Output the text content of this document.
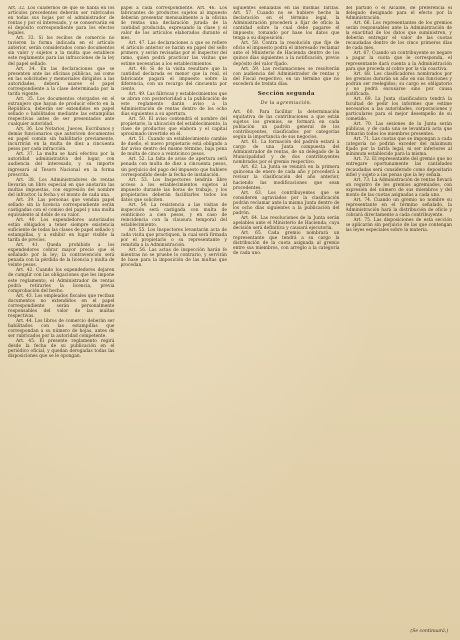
Art. 32. Los cuadernos de que se habla en los artículos precedentes deberán ser rubricados en todas sus hojas por el administrador de rentas y por el interesado, y se conservarán en el depósito correspondiente para los efectos legales.

Art. 33. Si los recibos de comercio no tuvieren la forma indicada en el artículo anterior, serán considerados como documentos sin valor y sujetos a la multa que establece este reglamento para las infracciones de la ley del papel sellado.

Art. 34. En las declaraciones que se presenten ante las oficinas públicas, así como en las solicitudes y memoriales dirigidos a las autoridades, deberá usarse el papel correspondiente a la clase determinada por la tarifa vigente.

Art. 35. Los documentos otorgados en el extranjero que hayan de producir efecto en la República, deberán ser extendidos en papel sellado o habilitados mediante las estampillas respectivas antes de ser presentados ante cualquier autoridad.

Art. 36. Los Notarios, Jueces, Escribanos y demás funcionarios que autoricen documentos en papel común sin habilitarlo previamente, incurrirán en la multa de diez a cincuenta pesos por cada infracción.

Art. 37. La multa se hará efectiva por la autoridad administrativa del lugar, con audiencia del interesado, y su importe ingresará al Tesoro Nacional en la forma prescrita.

Art. 38. Los Administradores de rentas llevarán un libro especial en que anotarán las multas impuestas, con expresión del nombre del infractor, la fecha y el monto de cada una.

Art. 39. Las personas que vendan papel sellado sin la licencia correspondiente serán castigadas con el comiso del papel y una multa equivalente al doble de su valor.

Art. 40. Los expendedores autorizados están obligados a tener siempre existencia suficiente de todas las clases de papel sellado y estampillas, y a exhibir en lugar visible la tarifa de precios.

Art. 41. Queda prohibido a los expendedores cobrar mayor precio que el señalado por la ley; la contravención será penada con la pérdida de la licencia y multa de veinte pesos.

Art. 42. Cuando los expendedores dejaren de cumplir con las obligaciones que les impone este reglamento, el Administrador de rentas podrá retirarles la licencia, previa comprobación del hecho.

Art. 43. Los empleados fiscales que reciban documentos no extendidos en el papel correspondiente serán personalmente responsables del valor de las multas respectivas.

Art. 44. Los libros de comercio deberán ser habilitados con las estampillas que correspondan a su número de hojas, antes de ser rubricados por la autoridad competente.

Art. 45. El presente reglamento regirá desde la fecha de su publicación en el periódico oficial, y quedan derogadas todas las disposiciones que se le opongan.

papel a cada correspondiente. Art. 46. Los fabricantes de productos sujetos al impuesto deberán presentar mensualmente a la oficina de rentas una declaración jurada de la cantidad producida, expresando la clase y el valor de los artículos elaborados durante el mes.

Art. 47. Las declaraciones a que se refiere el artículo anterior se harán en papel del sello primero, y serán revisadas por el Inspector del ramo, quien podrá practicar las visitas que estime necesarias a los establecimientos.

Art. 48. Si de la visita resultare que la cantidad declarada es menor que la real, el fabricante pagará el impuesto sobre la diferencia, con un recargo del cincuenta por ciento.

Art. 49. Las fábricas y establecimientos que se abran con posterioridad a la publicación de este reglamento darán aviso a la Administración de rentas dentro de los ocho días siguientes a su apertura.

Art. 50. El aviso contendrá el nombre del propietario, la ubicación del establecimiento, la clase de productos que elabora y el capital aproximado invertido en él.

Art. 51. Cuando un establecimiento cambie de dueño, el nuevo propietario está obligado a dar aviso dentro del mismo término, bajo pena de multa de cinco a veinticinco pesos.

Art. 52. La falta de aviso de apertura será penada con multa de diez a cincuenta pesos, sin perjuicio del pago del impuesto que hubiere correspondido desde la fecha de instalación.

Art. 53. Los Inspectores tendrán libre acceso a los establecimientos sujetos al impuesto durante las horas de trabajo, y los propietarios deberán facilitarles todos los datos que soliciten.

Art. 54. La resistencia a las visitas de inspección será castigada con multa de veinticinco a cien pesos, y en caso de reincidencia con la clausura temporal del establecimiento.

Art. 55. Los Inspectores levantarán acta de cada visita que practiquen, la cual será firmada por el propietario o su representante y remitida a la Administración.

Art. 56. Las actas de inspección harán fe mientras no se pruebe lo contrario, y servirán de base para la imposición de las multas que procedan.

siguientes señaladas en las mismas Tarifas. Art. 57. Cuando no se hubiere hecho la declaración en el término legal, la Administración procederá a fijar de oficio la cantidad sobre la cual debe pagarse el impuesto, tomando por base los datos que tenga a su disposición.

Art. 58. Contra la resolución que fije de oficio el impuesto podrá el interesado reclamar ante el Ministerio de Hacienda dentro de los quince días siguientes a la notificación, previo depósito del valor fijado.

Art. 59. Las reclamaciones se resolverán con audiencia del Administrador de rentas y del Fiscal respectivo, en un término que no excederá de treinta días.

Sección segunda
De la agremiación.

Art. 60. Para facilitar la determinación equitativa de las contribuciones a que están sujetos los gremios, se formará en cada población un padrón general de los contribuyentes, clasificados por categorías según la importancia de sus negocios.

Art. 61. La formación del padrón estará a cargo de una Junta compuesta del Administrador de rentas, de un delegado de la Municipalidad y de dos contribuyentes nombrados por el gremio respectivo.

Art. 62. La Junta se reunirá en la primera quincena de enero de cada año y procederá a revisar la clasificación del año anterior, haciendo las modificaciones que sean procedentes.

Art. 63. Los contribuyentes que se consideren agraviados por la clasificación podrán reclamar ante la misma Junta dentro de los ocho días siguientes a la publicación del padrón.

Art. 64. Las resoluciones de la Junta serán apelables ante el Ministerio de Hacienda, cuya decisión será definitiva y causará ejecutoria.

Art. 65. Cada gremio nombrará un representante que tendrá a su cargo la distribución de la cuota asignada al gremio entre sus miembros, con arreglo a la categoría de cada uno.

del partido o el Alcalde, de preferencia el delegado designado para el efecto por la Administración.

Art. 66. Los representantes de los gremios serán responsables ante la Administración de la exactitud de los datos que suministren, y deberán entregar el valor de las cuotas recaudadas dentro de los cinco primeros días de cada mes.

Art. 67. Cuando un contribuyente se negare a pagar la cuota que le corresponda, el representante dará cuenta a la Administración para que proceda al cobro por la vía coactiva.

Art. 68. Los clasificadores nombrados por los gremios durarán un año en sus funciones y podrán ser reelegidos; su cargo es obligatorio y no podrá excusarse sino por causa justificada.

Art. 69. La Junta clasificadora tendrá la facultad de pedir los informes que estime necesarios a las autoridades, corporaciones y particulares para el mejor desempeño de su cometido.

Art. 70. Las sesiones de la Junta serán públicas, y de cada una se levantará acta que firmarán todos los miembros presentes.

Art. 71. Las cuotas que se impongan a cada categoría no podrán exceder del máximum fijado por la tarifa legal, ni ser inferiores al mínimum establecido para la misma.

Art. 72. El representante del gremio que no entregare oportunamente las cantidades recaudadas será considerado como depositario infiel y sujeto a las penas que la ley señala.

Art. 73. La Administración de rentas llevará un registro de los gremios agremiados, con expresión del número de sus miembros y del monto de las cuotas asignadas a cada uno.

Art. 74. Cuando un gremio no nombre su representante en el término señalado, la Administración hará la distribución de oficio y cobrará directamente a cada contribuyente.

Art. 75. Las disposiciones de esta sección se aplicarán sin perjuicio de las que contengan las leyes especiales sobre la materia.

(Se continuará.)
